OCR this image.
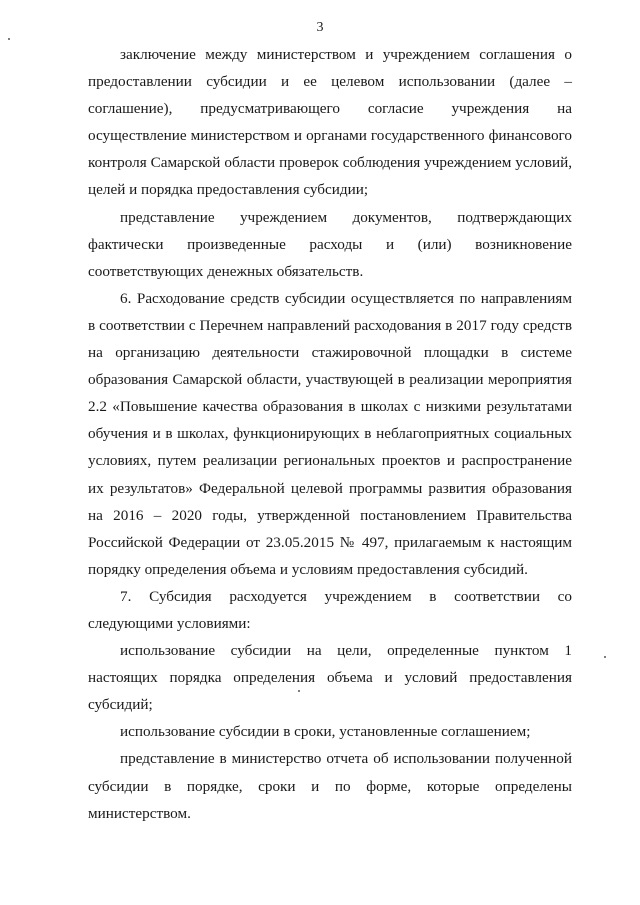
3

заключение между министерством и учреждением соглашения о предоставлении субсидии и ее целевом использовании (далее – соглашение), предусматривающего согласие учреждения на осуществление министерством и органами государственного финансового контроля Самарской области проверок соблюдения учреждением условий, целей и порядка предоставления субсидии;

представление учреждением документов, подтверждающих фактически произведенные расходы и (или) возникновение соответствующих денежных обязательств.

6. Расходование средств субсидии осуществляется по направлениям в соответствии с Перечнем направлений расходования в 2017 году средств на организацию деятельности стажировочной площадки в системе образования Самарской области, участвующей в реализации мероприятия 2.2 «Повышение качества образования в школах с низкими результатами обучения и в школах, функционирующих в неблагоприятных социальных условиях, путем реализации региональных проектов и распространение их результатов» Федеральной целевой программы развития образования на 2016 – 2020 годы, утвержденной постановлением Правительства Российской Федерации от 23.05.2015 № 497, прилагаемым к настоящим порядку определения объема и условиям предоставления субсидий.

7. Субсидия расходуется учреждением в соответствии со следующими условиями:

использование субсидии на цели, определенные пунктом 1 настоящих порядка определения объема и условий предоставления субсидий;

использование субсидии в сроки, установленные соглашением;

представление в министерство отчета об использовании полученной субсидии в порядке, сроки и по форме, которые определены министерством.
